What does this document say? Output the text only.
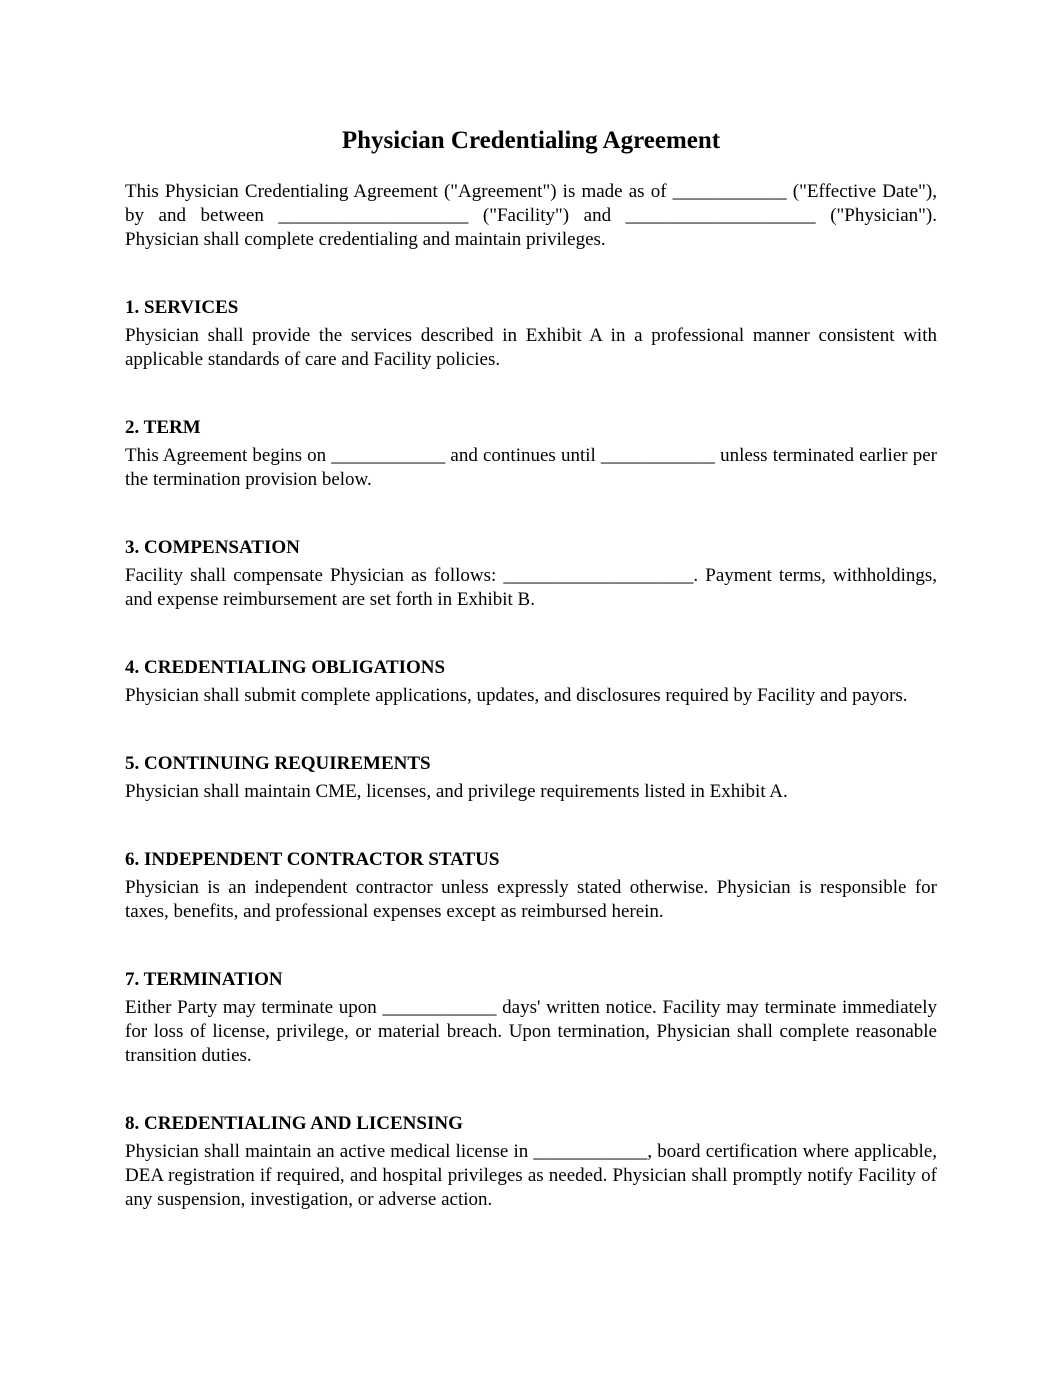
Physician Credentialing Agreement

This Physician Credentialing Agreement ("Agreement") is made as of ____________ ("Effective Date"), by and between ____________________ ("Facility") and ____________________ ("Physician"). Physician shall complete credentialing and maintain privileges.

1. SERVICES

Physician shall provide the services described in Exhibit A in a professional manner consistent with applicable standards of care and Facility policies.

2. TERM

This Agreement begins on ____________ and continues until ____________ unless terminated earlier per the termination provision below.

3. COMPENSATION

Facility shall compensate Physician as follows: ____________________. Payment terms, withholdings, and expense reimbursement are set forth in Exhibit B.

4. CREDENTIALING OBLIGATIONS

Physician shall submit complete applications, updates, and disclosures required by Facility and payors.

5. CONTINUING REQUIREMENTS

Physician shall maintain CME, licenses, and privilege requirements listed in Exhibit A.

6. INDEPENDENT CONTRACTOR STATUS

Physician is an independent contractor unless expressly stated otherwise. Physician is responsible for taxes, benefits, and professional expenses except as reimbursed herein.

7. TERMINATION

Either Party may terminate upon ____________ days' written notice. Facility may terminate immediately for loss of license, privilege, or material breach. Upon termination, Physician shall complete reasonable transition duties.

8. CREDENTIALING AND LICENSING

Physician shall maintain an active medical license in ____________, board certification where applicable, DEA registration if required, and hospital privileges as needed. Physician shall promptly notify Facility of any suspension, investigation, or adverse action.
